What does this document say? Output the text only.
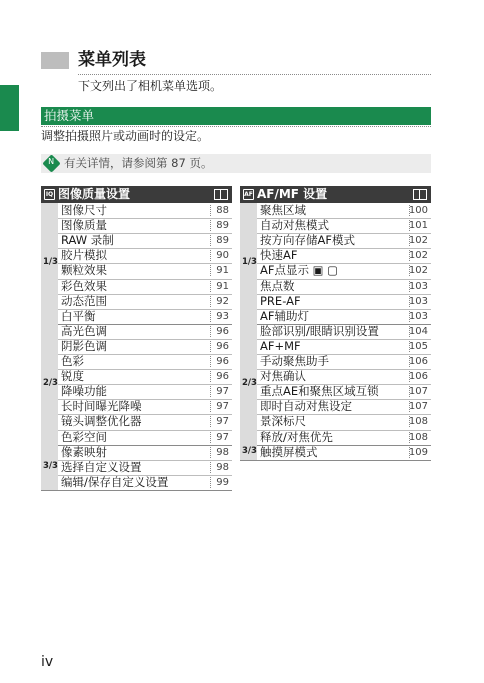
菜单列表
下文列出了相机菜单选项。
拍摄菜单
调整拍摄照片或动画时的设定。
N 有关详情，请参阅第 87 页。
IQ 图像质量设置
1/3
图像尺寸	88
图像质量	89
RAW 录制	89
胶片模拟	90
颗粒效果	91
彩色效果	91
动态范围	92
白平衡	93
2/3
高光色调	96
阴影色调	96
色彩	96
锐度	96
降噪功能	97
长时间曝光降噪	97
镜头调整优化器	97
色彩空间	97
3/3
像素映射	98
选择自定义设置	98
编辑/保存自定义设置	99
AF AF/MF 设置
1/3
聚焦区域	100
自动对焦模式	101
按方向存储AF模式	102
快速AF	102
AF点显示 ▣ ▢	102
焦点数	103
PRE-AF	103
AF辅助灯	103
2/3
脸部识别/眼睛识别设置	104
AF+MF	105
手动聚焦助手	106
对焦确认	106
重点AE和聚焦区域互锁	107
即时自动对焦设定	107
景深标尺	108
释放/对焦优先	108
3/3 触摸屏模式	109
iv
